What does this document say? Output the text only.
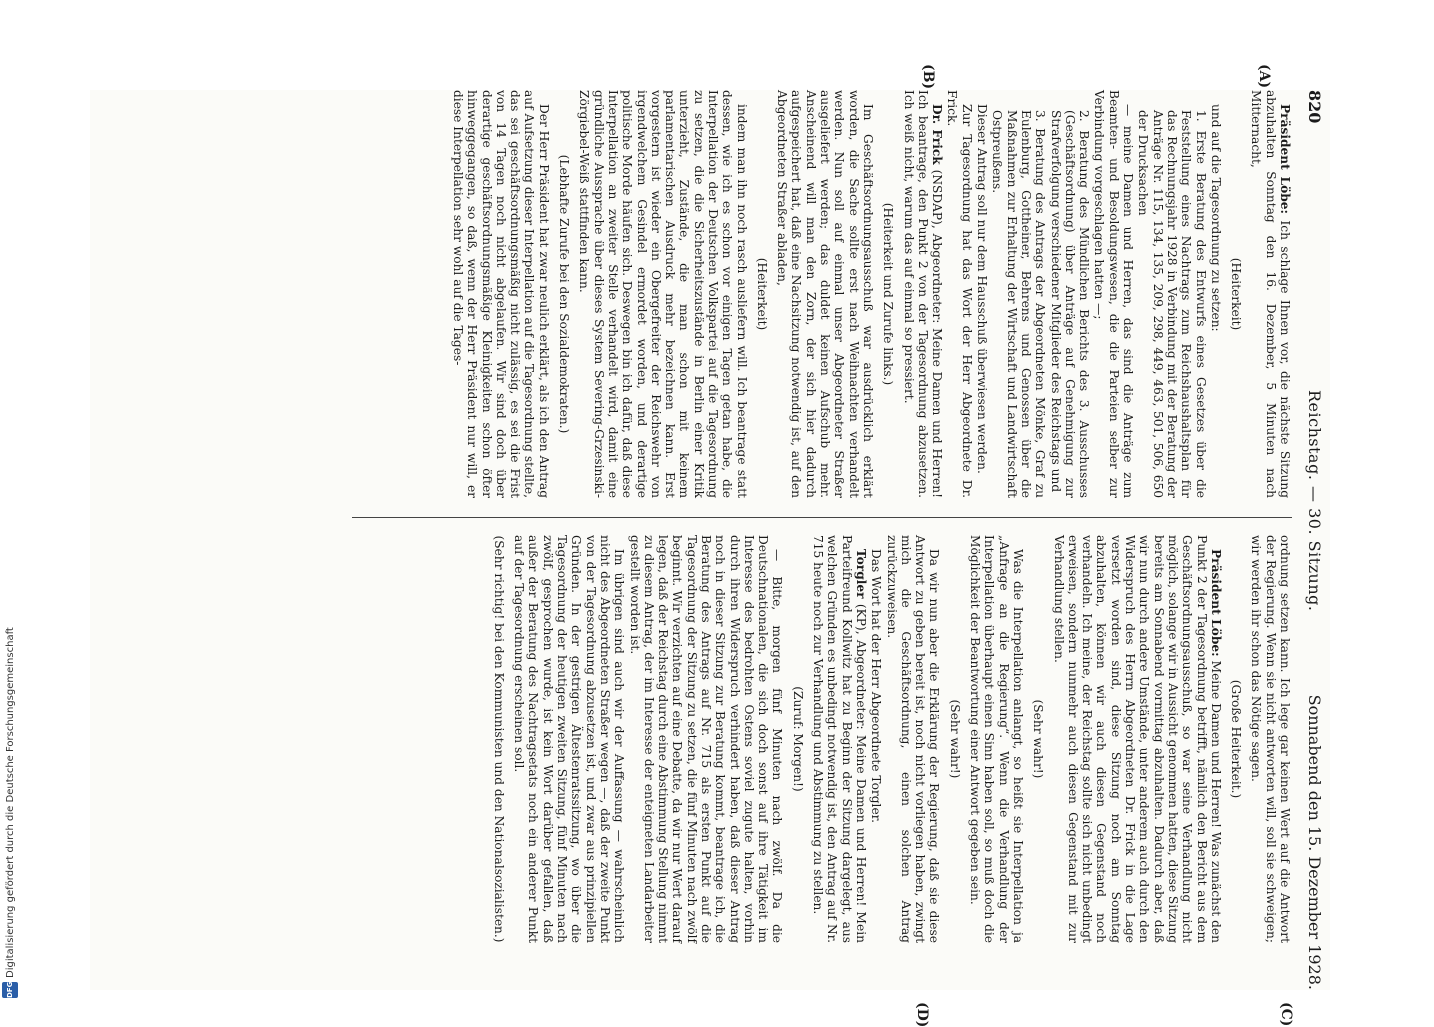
820
Reichstag. — 30. Sitzung.
Sonnabend den 15. Dezember 1928.
(A)
(B)
(C)
(D)

Präsident Löbe: Ich schlage Ihnen vor, die nächste Sitzung abzuhalten Sonntag den 16. Dezember, 5 Minuten nach Mitternacht,

(Heiterkeit)

und auf die Tagesordnung zu setzen:

1. Erste Beratung des Entwurfs eines Gesetzes über die Feststellung eines Nachtrags zum Reichshaushaltsplan für das Rechnungsjahr 1928 in Verbindung mit der Beratung der Anträge Nr. 115, 134, 135, 209, 298, 449, 463, 501, 506, 650 der Drucksachen

— meine Damen und Herren, das sind die Anträge zum Beamten- und Besoldungswesen, die die Parteien selber zur Verbindung vorgeschlagen hatten —;

2. Beratung des Mündlichen Berichts des 3. Ausschusses (Geschäftsordnung) über Anträge auf Genehmigung zur Strafverfolgung verschiedener Mitglieder des Reichstags und

3. Beratung des Antrags der Abgeordneten Mönke, Graf zu Eulenburg, Gottheiner, Behrens und Genossen über die Maßnahmen zur Erhaltung der Wirtschaft und Landwirtschaft Ostpreußens.

Dieser Antrag soll nur dem Hausschuß überwiesen werden.

Zur Tagesordnung hat das Wort der Herr Abgeordnete Dr. Frick.

Dr. Frick (NSDAP), Abgeordneter: Meine Damen und Herren! Ich beantrage, den Punkt 2 von der Tagesordnung abzusetzen. Ich weiß nicht, warum das auf einmal so pressiert.

(Heiterkeit und Zurufe links.)

Im Geschäftsordnungsausschuß war ausdrücklich erklärt worden, die Sache sollte erst nach Weihnachten verhandelt werden. Nun soll auf einmal unser Abgeordneter Straßer ausgeliefert werden; das duldet keinen Aufschub mehr. Anscheinend will man den Zorn, der sich hier dadurch aufgespeichert hat, daß eine Nachsitzung notwendig ist, auf den Abgeordneten Straßer abladen,

(Heiterkeit)

indem man ihn noch rasch ausliefern will. Ich beantrage statt dessen, wie ich es schon vor einigen Tagen getan habe, die Interpellation der Deutschen Volkspartei auf die Tagesordnung zu setzen, die die Sicherheitszustände in Berlin einer Kritik unterzieht, Zustände, die man schon mit keinem parlamentarischen Ausdruck mehr bezeichnen kann. Erst vorgestern ist wieder ein Obergefreiter der Reichswehr von irgendwelchem Gesindel ermordet worden, und derartige politische Morde häufen sich. Deswegen bin ich dafür, daß diese Interpellation an zweiter Stelle verhandelt wird, damit eine gründliche Aussprache über dieses System Severing-Grzesinski-Zörgiebel-Weiß stattfinden kann.

(Lebhafte Zurufe bei den Sozialdemokraten.)

Der Herr Präsident hat zwar neulich erklärt, als ich den Antrag auf Aufsetzung dieser Interpellation auf die Tagesordnung stellte, das sei geschäftsordnungsmäßig nicht zulässig, es sei die Frist von 14 Tagen noch nicht abgelaufen. Wir sind doch über derartige geschäftsordnungsmäßige Kleinigkeiten schon öfter hinweggegangen, so daß, wenn der Herr Präsident nur will, er diese Interpellation sehr wohl auf die Tages-

ordnung setzen kann. Ich lege gar keinen Wert auf die Antwort der Regierung. Wenn sie nicht antworten will, soll sie schweigen; wir werden ihr schon das Nötige sagen.

(Große Heiterkeit.)

Präsident Löbe: Meine Damen und Herren! Was zunächst den Punkt 2 der Tagesordnung betrifft, nämlich den Bericht aus dem Geschäftsordnungsausschuß, so war seine Verhandlung nicht möglich, solange wir in Aussicht genommen hatten, diese Sitzung bereits am Sonnabend vormittag abzuhalten. Dadurch aber, daß wir nun durch andere Umstände, unter anderem auch durch den Widerspruch des Herrn Abgeordneten Dr. Frick in die Lage versetzt worden sind, diese Sitzung noch am Sonntag abzuhalten, können wir auch diesen Gegenstand noch verhandeln. Ich meine, der Reichstag sollte sich nicht unbedingt erweisen, sondern nunmehr auch diesen Gegenstand mit zur Verhandlung stellen.

(Sehr wahr!)

Was die Interpellation anlangt, so heißt sie Interpellation ja „Anfrage an die Regierung“. Wenn die Verhandlung der Interpellation überhaupt einen Sinn haben soll, so muß doch die Möglichkeit der Beantwortung einer Antwort gegeben sein.

(Sehr wahr!)

Da wir nun aber die Erklärung der Regierung, daß sie diese Antwort zu geben bereit ist, noch nicht vorliegen haben, zwingt mich die Geschäftsordnung, einen solchen Antrag zurückzuweisen.

Das Wort hat der Herr Abgeordnete Torgler.

Torgler (KP), Abgeordneter: Meine Damen und Herren! Mein Parteifreund Kollwitz hat zu Beginn der Sitzung dargelegt, aus welchen Gründen es unbedingt notwendig ist, den Antrag auf Nr. 715 heute noch zur Verhandlung und Abstimmung zu stellen.

(Zuruf: Morgen!)

— Bitte, morgen fünf Minuten nach zwölf. Da die Deutschnationalen, die sich doch sonst auf ihre Tätigkeit im Interesse des bedrohten Ostens soviel zugute halten, vorhin durch ihren Widerspruch verhindert haben, daß dieser Antrag noch in dieser Sitzung zur Beratung kommt, beantrage ich, die Beratung des Antrags auf Nr. 715 als ersten Punkt auf die Tagesordnung der Sitzung zu setzen, die fünf Minuten nach zwölf beginnt. Wir verzichten auf eine Debatte, da wir nur Wert darauf legen, daß der Reichstag durch eine Abstimmung Stellung nimmt zu diesem Antrag, der im Interesse der enteigneten Landarbeiter gestellt worden ist.

Im übrigen sind auch wir der Auffassung — wahrscheinlich nicht des Abgeordneten Straßer wegen —, daß der zweite Punkt von der Tagesordnung abzusetzen ist, und zwar aus prinzipiellen Gründen. In der gestrigen Ältestenratssitzung, wo über die Tagesordnung der heutigen zweiten Sitzung, fünf Minuten nach zwölf, gesprochen wurde, ist kein Wort darüber gefallen, daß außer der Beratung des Nachtragsetats noch ein anderer Punkt auf der Tagesordnung erscheinen soll.

(Sehr richtig! bei den Kommunisten und den Nationalsozialisten.)

DFG
Digitalisierung gefördert durch die Deutsche Forschungsgemeinschaft
